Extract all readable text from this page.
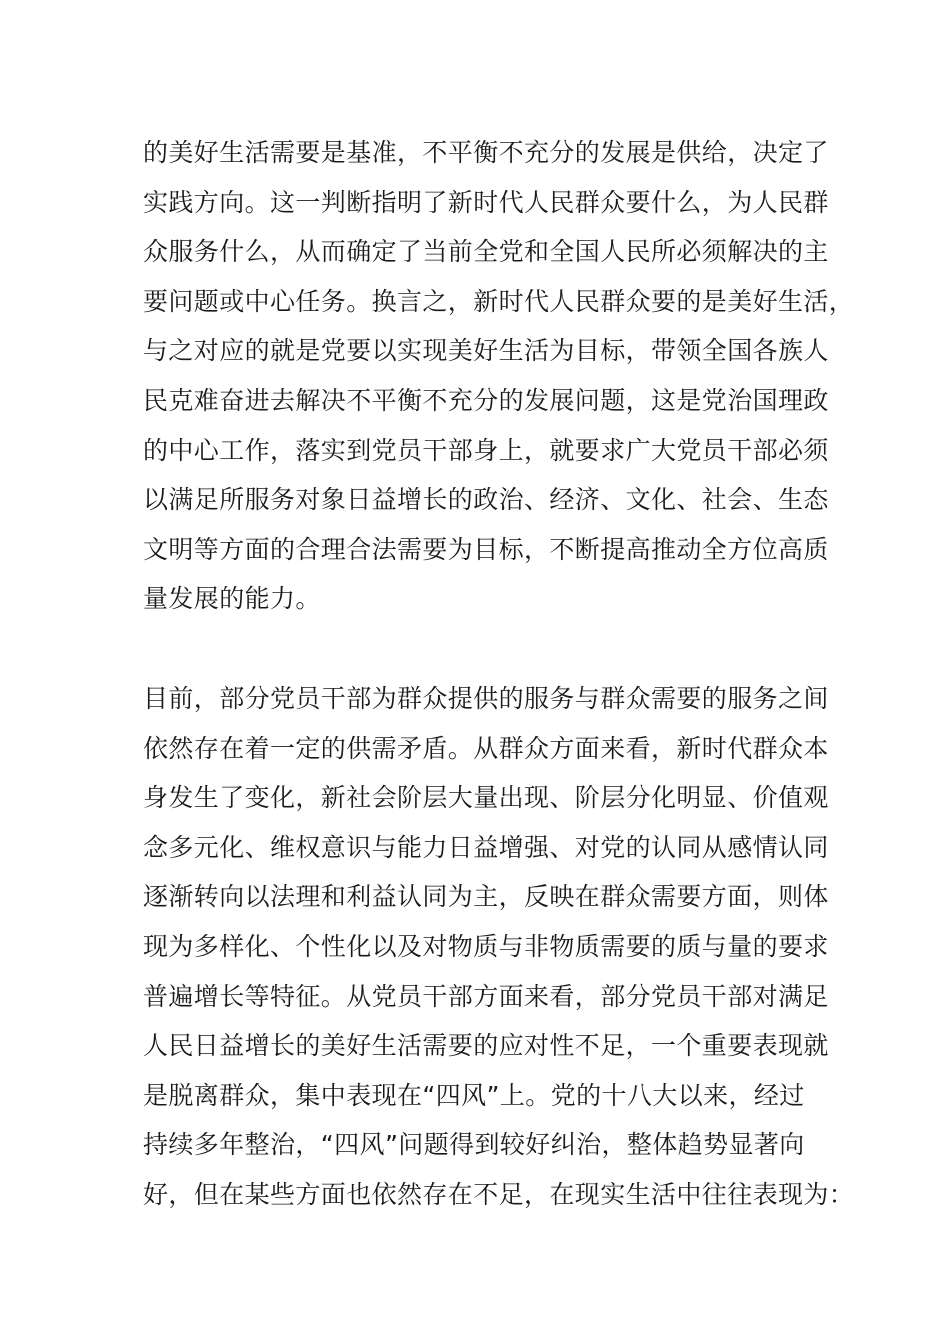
的美好生活需要是基准，不平衡不充分的发展是供给，决定了
实践方向。这一判断指明了新时代人民群众要什么，为人民群
众服务什么，从而确定了当前全党和全国人民所必须解决的主
要问题或中心任务。换言之，新时代人民群众要的是美好生活，
与之对应的就是党要以实现美好生活为目标，带领全国各族人
民克难奋进去解决不平衡不充分的发展问题，这是党治国理政
的中心工作，落实到党员干部身上，就要求广大党员干部必须
以满足所服务对象日益增长的政治、经济、文化、社会、生态
文明等方面的合理合法需要为目标，不断提高推动全方位高质
量发展的能力。
目前，部分党员干部为群众提供的服务与群众需要的服务之间
依然存在着一定的供需矛盾。从群众方面来看，新时代群众本
身发生了变化，新社会阶层大量出现、阶层分化明显、价值观
念多元化、维权意识与能力日益增强、对党的认同从感情认同
逐渐转向以法理和利益认同为主，反映在群众需要方面，则体
现为多样化、个性化以及对物质与非物质需要的质与量的要求
普遍增长等特征。从党员干部方面来看，部分党员干部对满足
人民日益增长的美好生活需要的应对性不足，一个重要表现就
是脱离群众，集中表现在“四风”上。党的十八大以来，经过
持续多年整治，“四风”问题得到较好纠治，整体趋势显著向
好，但在某些方面也依然存在不足，在现实生活中往往表现为：
